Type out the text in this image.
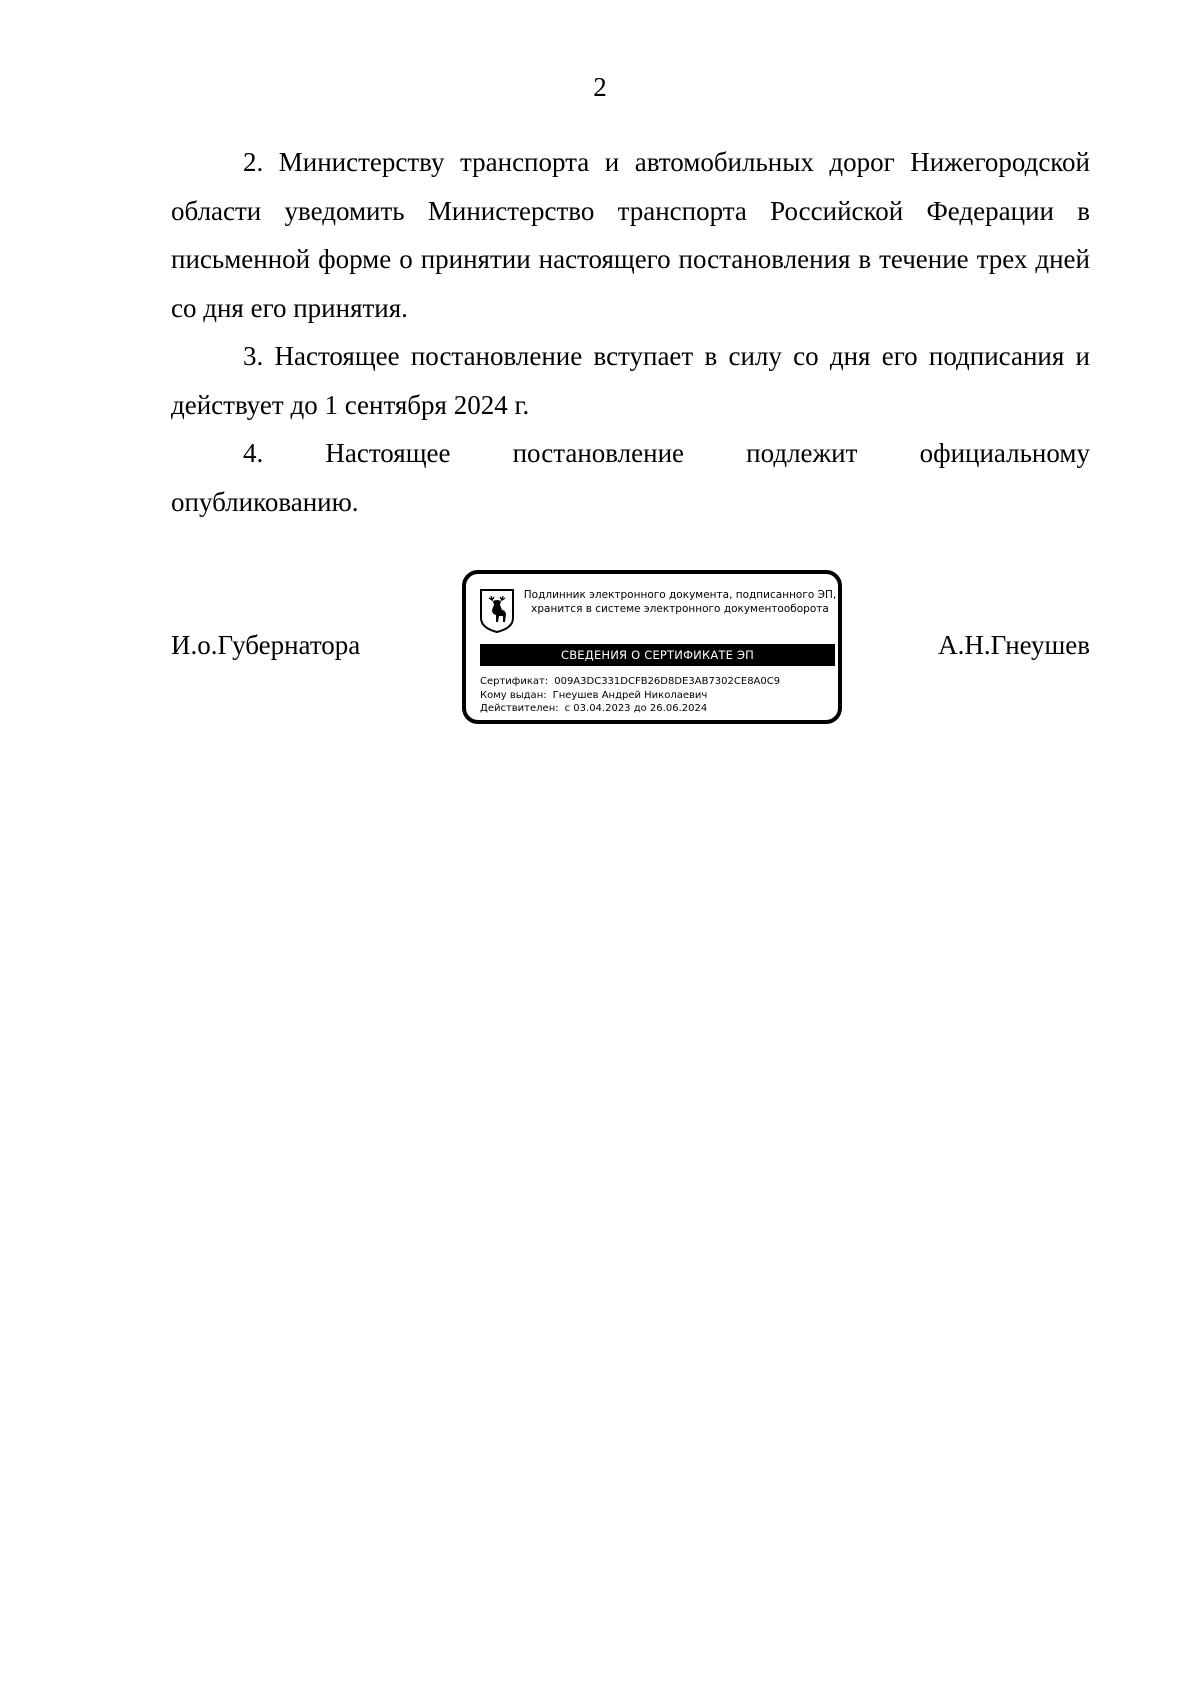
2

2. Министерству транспорта и автомобильных дорог Нижегородской области уведомить Министерство транспорта Российской Федерации в письменной форме о принятии настоящего постановления в течение трех дней со дня его принятия.

3. Настоящее постановление вступает в силу со дня его подписания и действует до 1 сентября 2024 г.

4. Настоящее постановление подлежит официальному

опубликованию.

И.о.Губернатора	А.Н.Гнеушев
Подлинник электронного документа, подписанного ЭП,
хранится в системе электронного документооборота
СВЕДЕНИЯ О СЕРТИФИКАТЕ ЭП
Сертификат: 009A3DC331DCFB26D8DE3AB7302CE8A0C9
Кому выдан: Гнеушев Андрей Николаевич
Действителен: с 03.04.2023 до 26.06.2024
